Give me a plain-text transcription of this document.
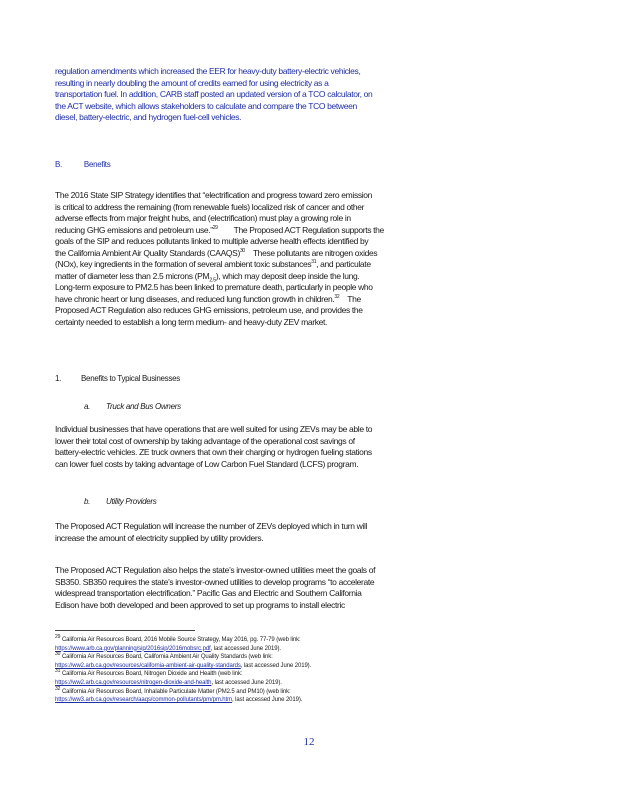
regulation amendments which increased the EER for heavy-duty battery-electric vehicles,
resulting in nearly doubling the amount of credits earned for using electricity as a
transportation fuel. In addition, CARB staff posted an updated version of a TCO calculator, on
the ACT website, which allows stakeholders to calculate and compare the TCO between
diesel, battery-electric, and hydrogen fuel-cell vehicles.
B.	Benefits
The 2016 State SIP Strategy identifies that “electrification and progress toward zero emission
is critical to address the remaining (from renewable fuels) localized risk of cancer and other
adverse effects from major freight hubs, and (electrification) must play a growing role in
reducing GHG emissions and petroleum use.”$^{29}$ The Proposed ACT Regulation supports the
goals of the SIP and reduces pollutants linked to multiple adverse health effects identified by
the California Ambient Air Quality Standards (CAAQS)$^{30}$ These pollutants are nitrogen oxides
(NOx), key ingredients in the formation of several ambient toxic substances$^{31}$, and particulate
matter of diameter less than 2.5 microns $(PM_{2.5})$, which may deposit deep inside the lung.
Long-term exposure to PM2.5 has been linked to premature death, particularly in people who
have chronic heart or lung diseases, and reduced lung function growth in children.$^{32}$ The
Proposed ACT Regulation also reduces GHG emissions, petroleum use, and provides the
certainty needed to establish a long term medium- and heavy-duty ZEV market.
1. Benefits to Typical Businesses
a. Truck and Bus Owners
Individual businesses that have operations that are well suited for using ZEVs may be able to
lower their total cost of ownership by taking advantage of the operational cost savings of
battery-electric vehicles. ZE truck owners that own their charging or hydrogen fueling stations
can lower fuel costs by taking advantage of Low Carbon Fuel Standard (LCFS) program.
b. Utility Providers
The Proposed ACT Regulation will increase the number of ZEVs deployed which in turn will
increase the amount of electricity supplied by utility providers.
The Proposed ACT Regulation also helps the state’s investor-owned utilities meet the goals of
SB350. SB350 requires the state’s investor-owned utilities to develop programs “to accelerate
widespread transportation electrification.” Pacific Gas and Electric and Southern California
Edison have both developed and been approved to set up programs to install electric
$^{29}$ California Air Resources Board, 2016 Mobile Source Strategy, May 2016, pg. 77-79 (web link:
https://www.arb.ca.gov/planning/sip/2016sip/2016mobsrc.pdf, last accessed June 2019).
$^{30}$ California Air Resources Board, California Ambient Air Quality Standards (web link:
https://ww2.arb.ca.gov/resources/california-ambient-air-quality-standards, last accessed June 2019).
$^{31}$ California Air Resources Board, Nitrogen Dioxide and Health (web link:
https://ww2.arb.ca.gov/resources/nitrogen-dioxide-and-health, last accessed June 2019).
$^{32}$ California Air Resources Board, Inhalable Particulate Matter (PM2.5 and PM10) (web link:
https://ww3.arb.ca.gov/research/aaqs/common-pollutants/pm/pm.htm, last accessed June 2019).
12
